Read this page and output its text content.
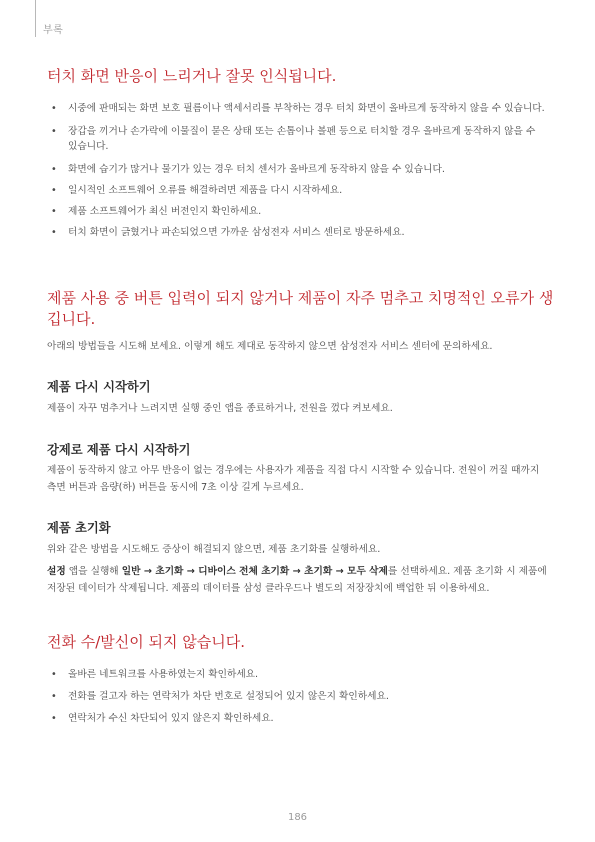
부록
터치 화면 반응이 느리거나 잘못 인식됩니다.
• 시중에 판매되는 화면 보호 필름이나 액세서리를 부착하는 경우 터치 화면이 올바르게 동작하지 않을 수 있습니다.
• 장갑을 끼거나 손가락에 이물질이 묻은 상태 또는 손톱이나 볼펜 등으로 터치할 경우 올바르게 동작하지 않을 수 있습니다.
• 화면에 습기가 많거나 물기가 있는 경우 터치 센서가 올바르게 동작하지 않을 수 있습니다.
• 일시적인 소프트웨어 오류를 해결하려면 제품을 다시 시작하세요.
• 제품 소프트웨어가 최신 버전인지 확인하세요.
• 터치 화면이 긁혔거나 파손되었으면 가까운 삼성전자 서비스 센터로 방문하세요.
제품 사용 중 버튼 입력이 되지 않거나 제품이 자주 멈추고 치명적인 오류가 생깁니다.

아래의 방법들을 시도해 보세요. 이렇게 해도 제대로 동작하지 않으면 삼성전자 서비스 센터에 문의하세요.

제품 다시 시작하기

제품이 자꾸 멈추거나 느려지면 실행 중인 앱을 종료하거나, 전원을 껐다 켜보세요.

강제로 제품 다시 시작하기

제품이 동작하지 않고 아무 반응이 없는 경우에는 사용자가 제품을 직접 다시 시작할 수 있습니다. 전원이 꺼질 때까지 측면 버튼과 음량(하) 버튼을 동시에 7초 이상 길게 누르세요.

제품 초기화

위와 같은 방법을 시도해도 증상이 해결되지 않으면, 제품 초기화를 실행하세요.

설정 앱을 실행해 일반 → 초기화 → 디바이스 전체 초기화 → 초기화 → 모두 삭제를 선택하세요. 제품 초기화 시 제품에 저장된 데이터가 삭제됩니다. 제품의 데이터를 삼성 클라우드나 별도의 저장장치에 백업한 뒤 이용하세요.

전화 수/발신이 되지 않습니다.
• 올바른 네트워크를 사용하였는지 확인하세요.
• 전화를 걸고자 하는 연락처가 차단 번호로 설정되어 있지 않은지 확인하세요.
• 연락처가 수신 차단되어 있지 않은지 확인하세요.
186
